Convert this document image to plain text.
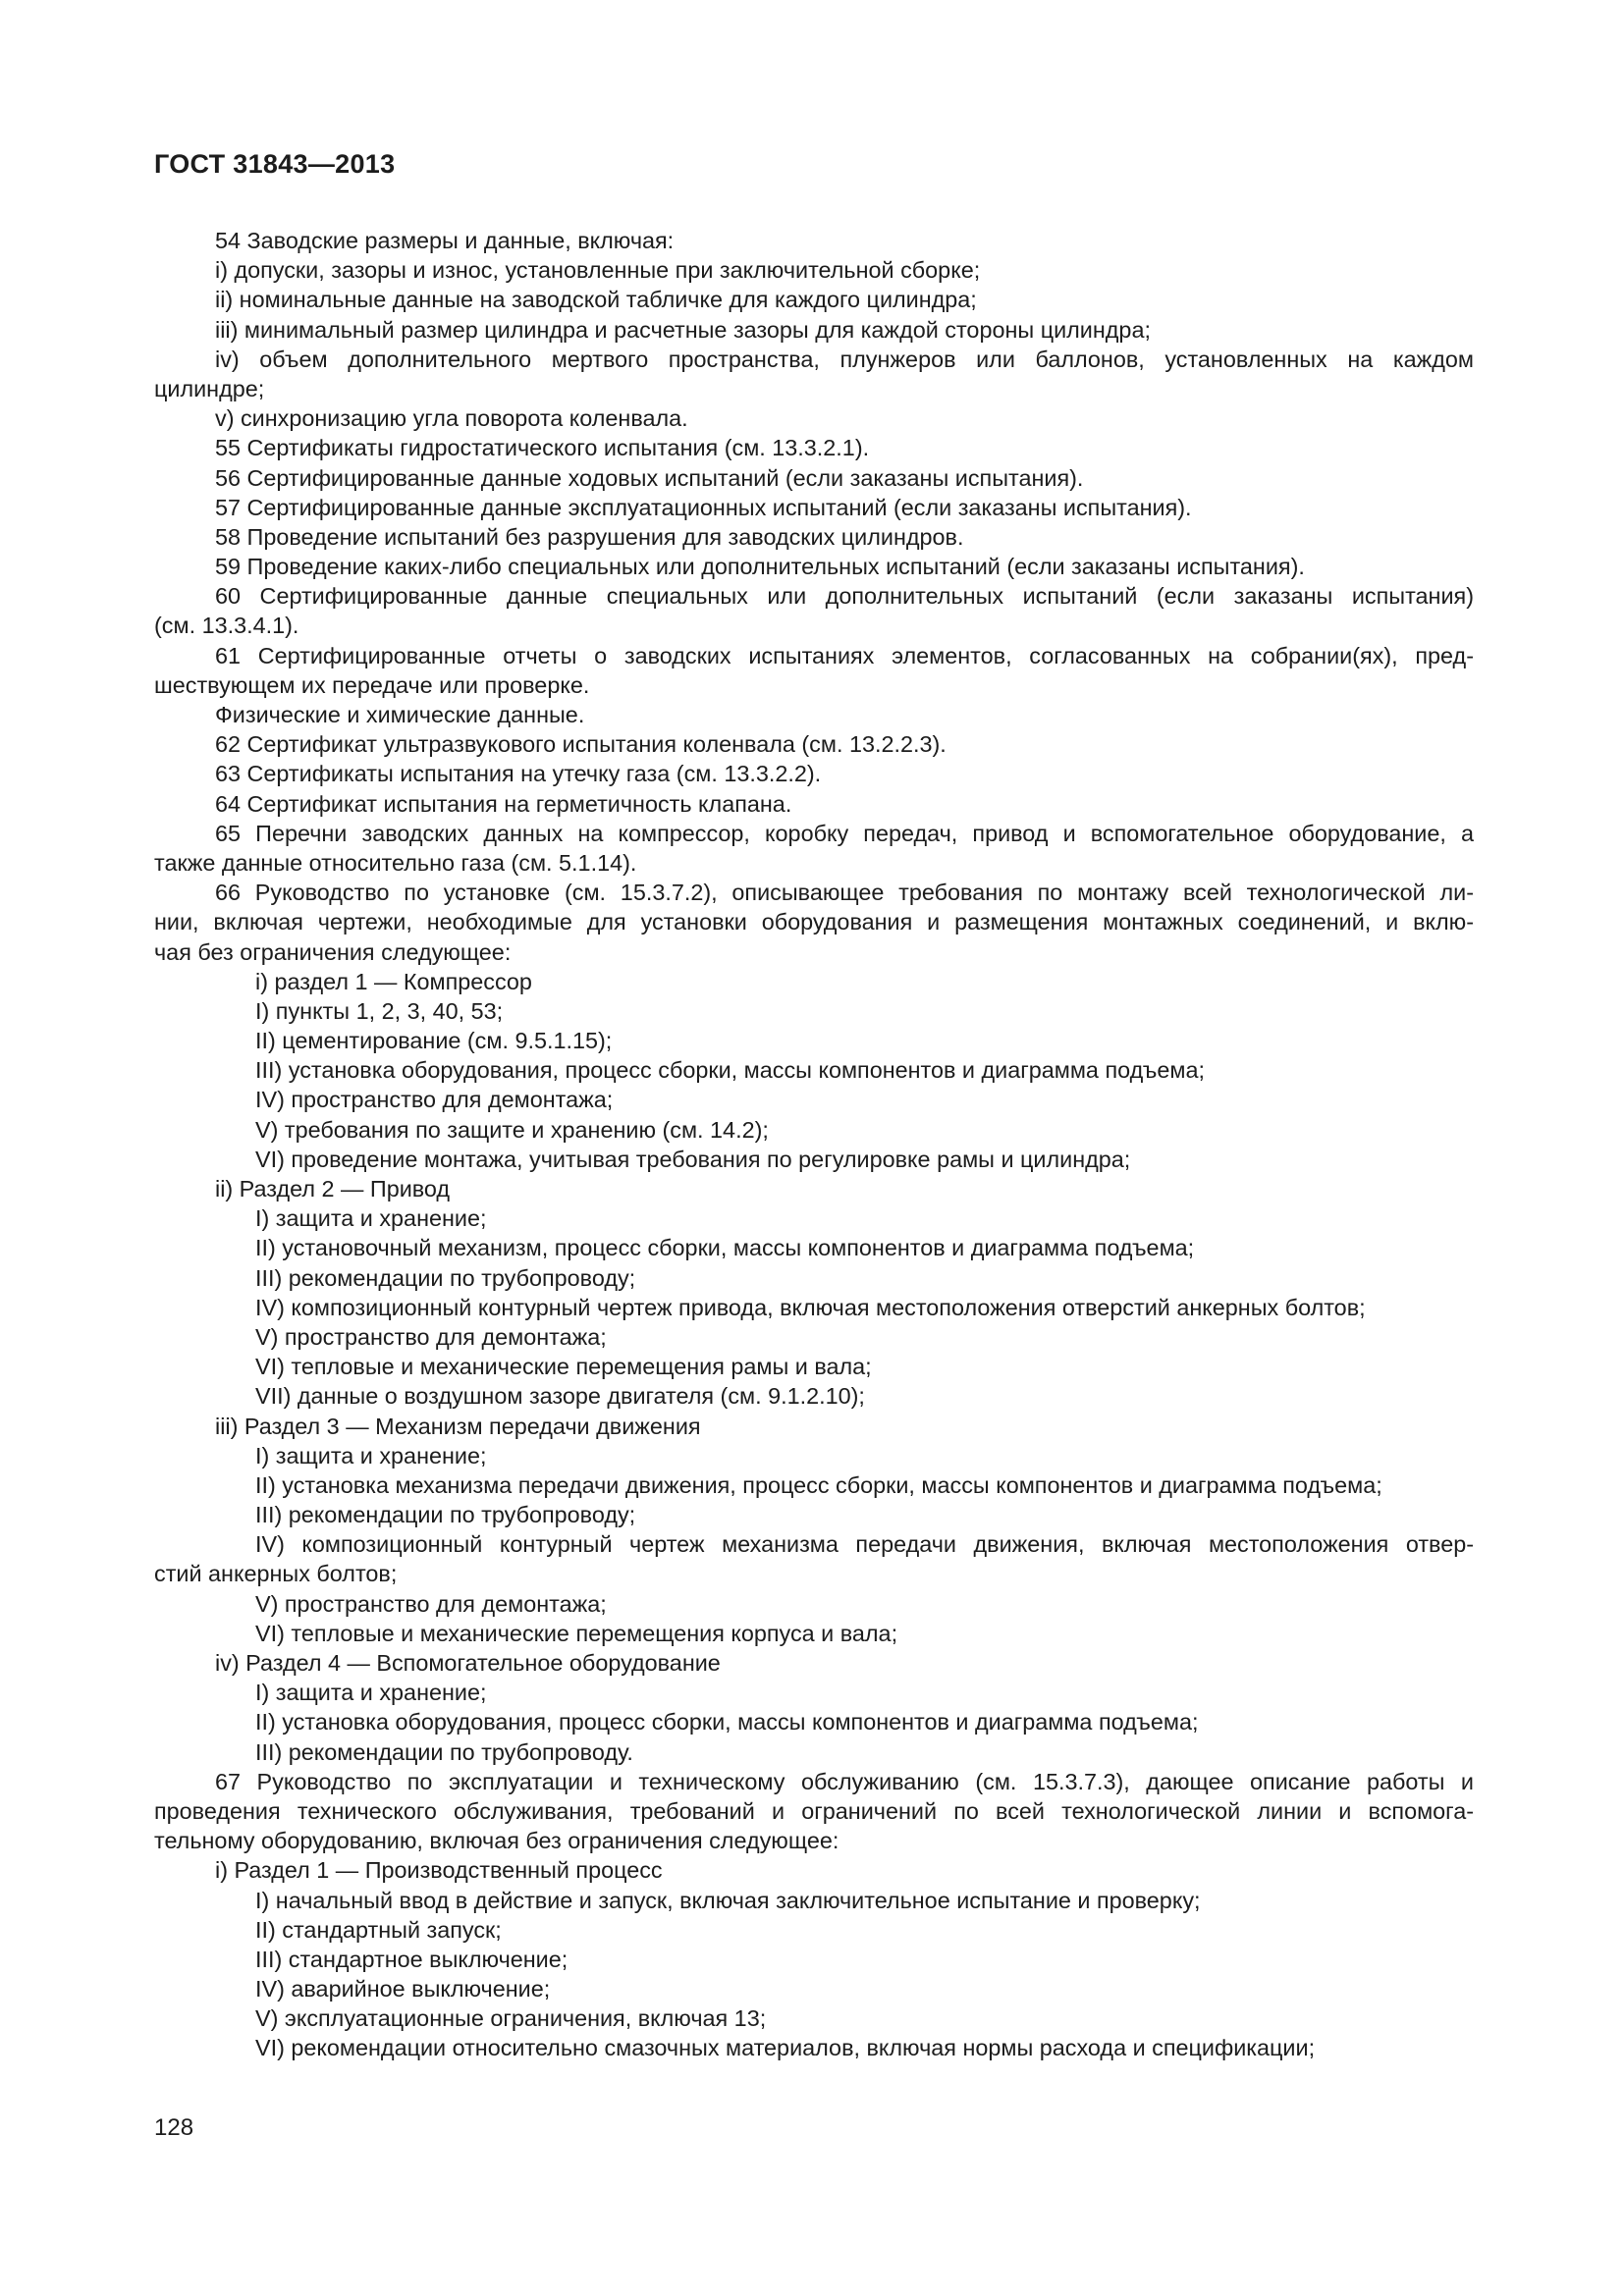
ГОСТ 31843—2013
54 Заводские размеры и данные, включая:
i) допуски, зазоры и износ, установленные при заключительной сборке;
ii) номинальные данные на заводской табличке для каждого цилиндра;
iii) минимальный размер цилиндра и расчетные зазоры для каждой стороны цилиндра;
iv) объем дополнительного мертвого пространства, плунжеров или баллонов, установленных на каждом
цилиндре;
v) синхронизацию угла поворота коленвала.
55 Сертификаты гидростатического испытания (см. 13.3.2.1).
56 Сертифицированные данные ходовых испытаний (если заказаны испытания).
57 Сертифицированные данные эксплуатационных испытаний (если заказаны испытания).
58 Проведение испытаний без разрушения для заводских цилиндров.
59 Проведение каких-либо специальных или дополнительных испытаний (если заказаны испытания).
60 Сертифицированные данные специальных или дополнительных испытаний (если заказаны испытания)
(см. 13.3.4.1).
61 Сертифицированные отчеты о заводских испытаниях элементов, согласованных на собрании(ях), пред-
шествующем их передаче или проверке.
Физические и химические данные.
62 Сертификат ультразвукового испытания коленвала (см. 13.2.2.3).
63 Сертификаты испытания на утечку газа (см. 13.3.2.2).
64 Сертификат испытания на герметичность клапана.
65 Перечни заводских данных на компрессор, коробку передач, привод и вспомогательное оборудование, а
также данные относительно газа (см. 5.1.14).
66 Руководство по установке (см. 15.3.7.2), описывающее требования по монтажу всей технологической ли-
нии, включая чертежи, необходимые для установки оборудования и размещения монтажных соединений, и вклю-
чая без ограничения следующее:
i) раздел 1 — Компрессор
I) пункты 1, 2, 3, 40, 53;
II) цементирование (см. 9.5.1.15);
III) установка оборудования, процесс сборки, массы компонентов и диаграмма подъема;
IV) пространство для демонтажа;
V) требования по защите и хранению (см. 14.2);
VI) проведение монтажа, учитывая требования по регулировке рамы и цилиндра;
ii) Раздел 2 — Привод
I) защита и хранение;
II) установочный механизм, процесс сборки, массы компонентов и диаграмма подъема;
III) рекомендации по трубопроводу;
IV) композиционный контурный чертеж привода, включая местоположения отверстий анкерных болтов;
V) пространство для демонтажа;
VI) тепловые и механические перемещения рамы и вала;
VII) данные о воздушном зазоре двигателя (см. 9.1.2.10);
iii) Раздел 3 — Механизм передачи движения
I) защита и хранение;
II) установка механизма передачи движения, процесс сборки, массы компонентов и диаграмма подъема;
III) рекомендации по трубопроводу;
IV) композиционный контурный чертеж механизма передачи движения, включая местоположения отвер-
стий анкерных болтов;
V) пространство для демонтажа;
VI) тепловые и механические перемещения корпуса и вала;
iv) Раздел 4 — Вспомогательное оборудование
I) защита и хранение;
II) установка оборудования, процесс сборки, массы компонентов и диаграмма подъема;
III) рекомендации по трубопроводу.
67 Руководство по эксплуатации и техническому обслуживанию (см. 15.3.7.3), дающее описание работы и
проведения технического обслуживания, требований и ограничений по всей технологической линии и вспомога-
тельному оборудованию, включая без ограничения следующее:
i) Раздел 1 — Производственный процесс
I) начальный ввод в действие и запуск, включая заключительное испытание и проверку;
II) стандартный запуск;
III) стандартное выключение;
IV) аварийное выключение;
V) эксплуатационные ограничения, включая 13;
VI) рекомендации относительно смазочных материалов, включая нормы расхода и спецификации;
128
